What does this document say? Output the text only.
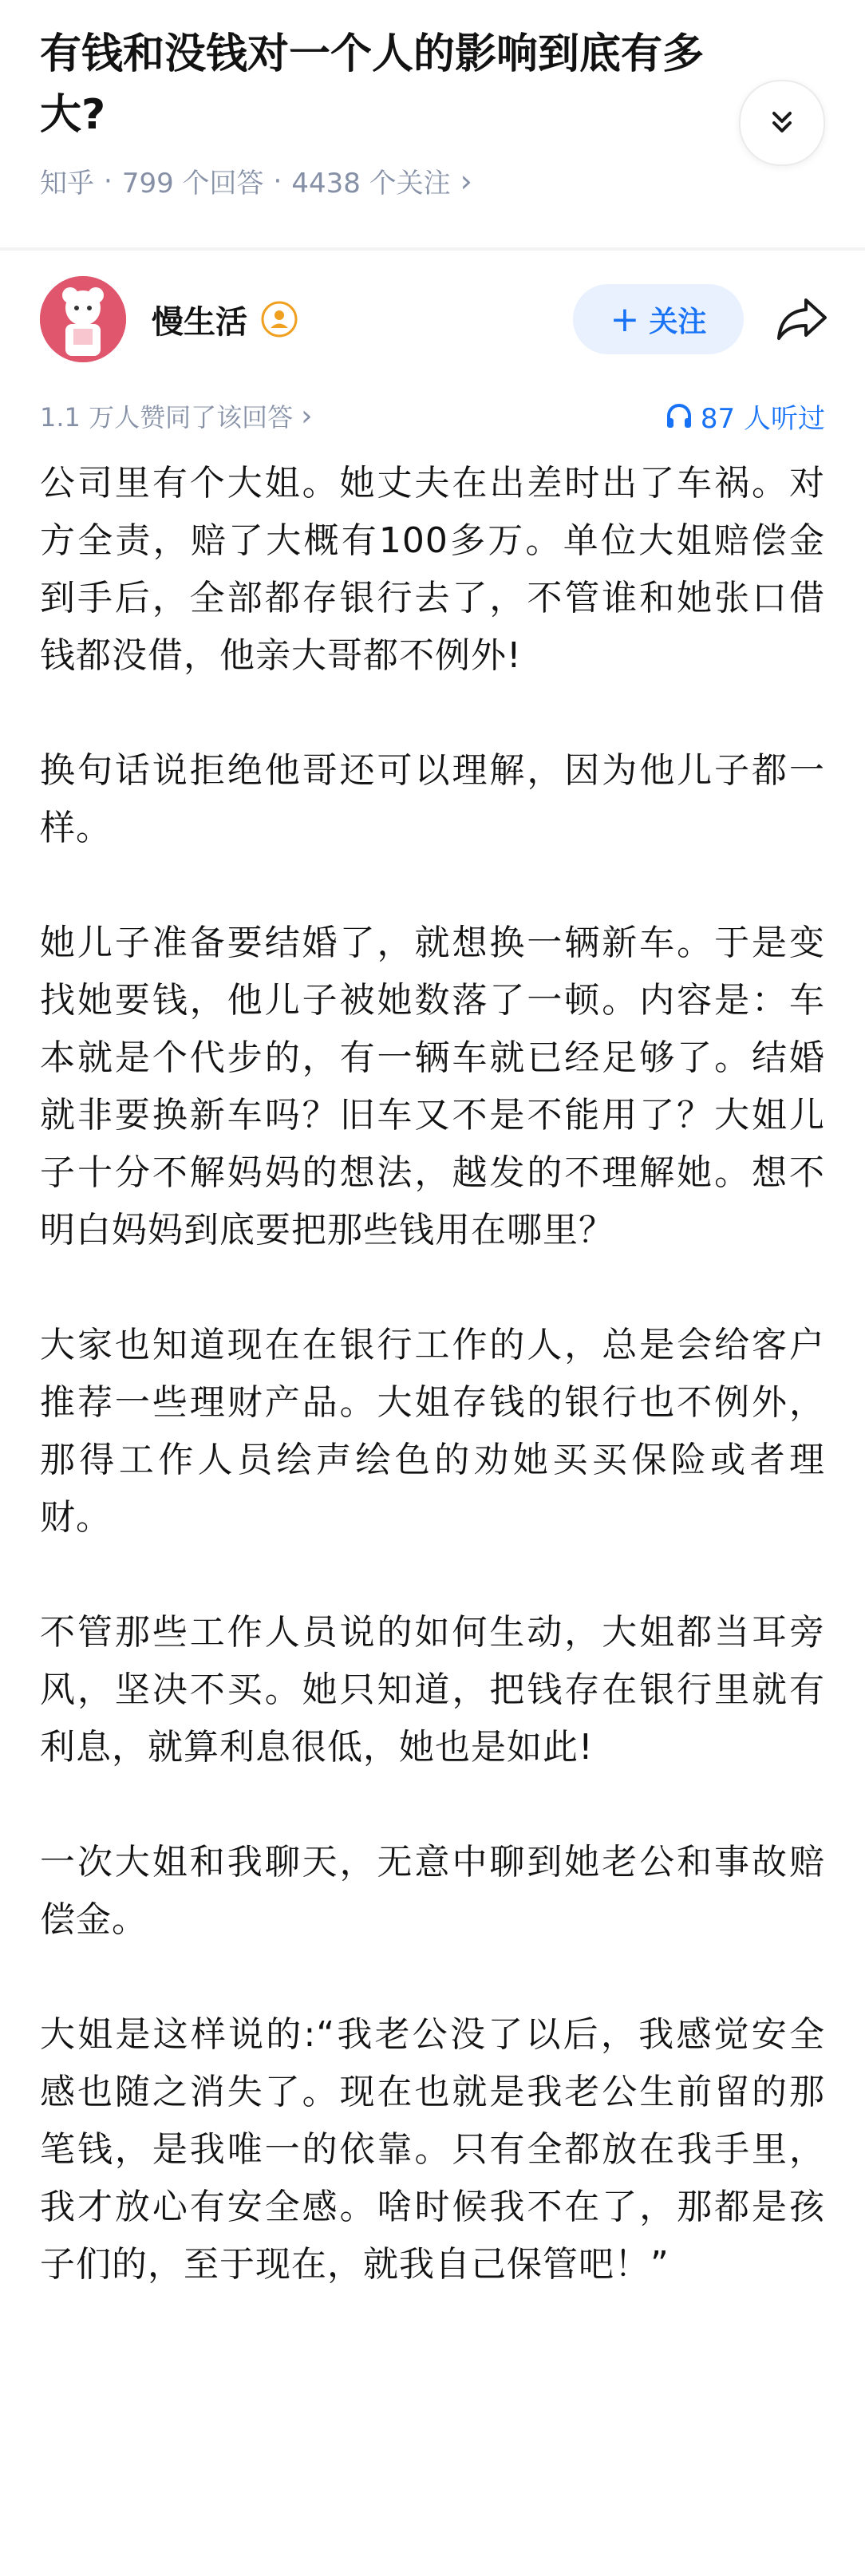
有钱和没钱对一个人的影响到底有多大?
知乎 · 799 个回答 · 4438 个关注 ›
慢生活	+ 关注
1.1 万人赞同了该回答 ›	87 人听过

公司里有个大姐。她丈夫在出差时出了车祸。对方全责，赔了大概有100多万。单位大姐赔偿金到手后，全部都存银行去了，不管谁和她张口借钱都没借，他亲大哥都不例外!

换句话说拒绝他哥还可以理解，因为他儿子都一样。

她儿子准备要结婚了，就想换一辆新车。于是变找她要钱，他儿子被她数落了一顿。内容是：车本就是个代步的，有一辆车就已经足够了。结婚就非要换新车吗？旧车又不是不能用了？大姐儿子十分不解妈妈的想法，越发的不理解她。想不明白妈妈到底要把那些钱用在哪里？

大家也知道现在在银行工作的人，总是会给客户推荐一些理财产品。大姐存钱的银行也不例外，那得工作人员绘声绘色的劝她买买保险或者理财。

不管那些工作人员说的如何生动，大姐都当耳旁风，坚决不买。她只知道，把钱存在银行里就有利息，就算利息很低，她也是如此!

一次大姐和我聊天，无意中聊到她老公和事故赔偿金。

大姐是这样说的:“我老公没了以后，我感觉安全感也随之消失了。现在也就是我老公生前留的那笔钱，是我唯一的依靠。只有全都放在我手里，我才放心有安全感。啥时候我不在了，那都是孩子们的，至于现在，就我自己保管吧！”
